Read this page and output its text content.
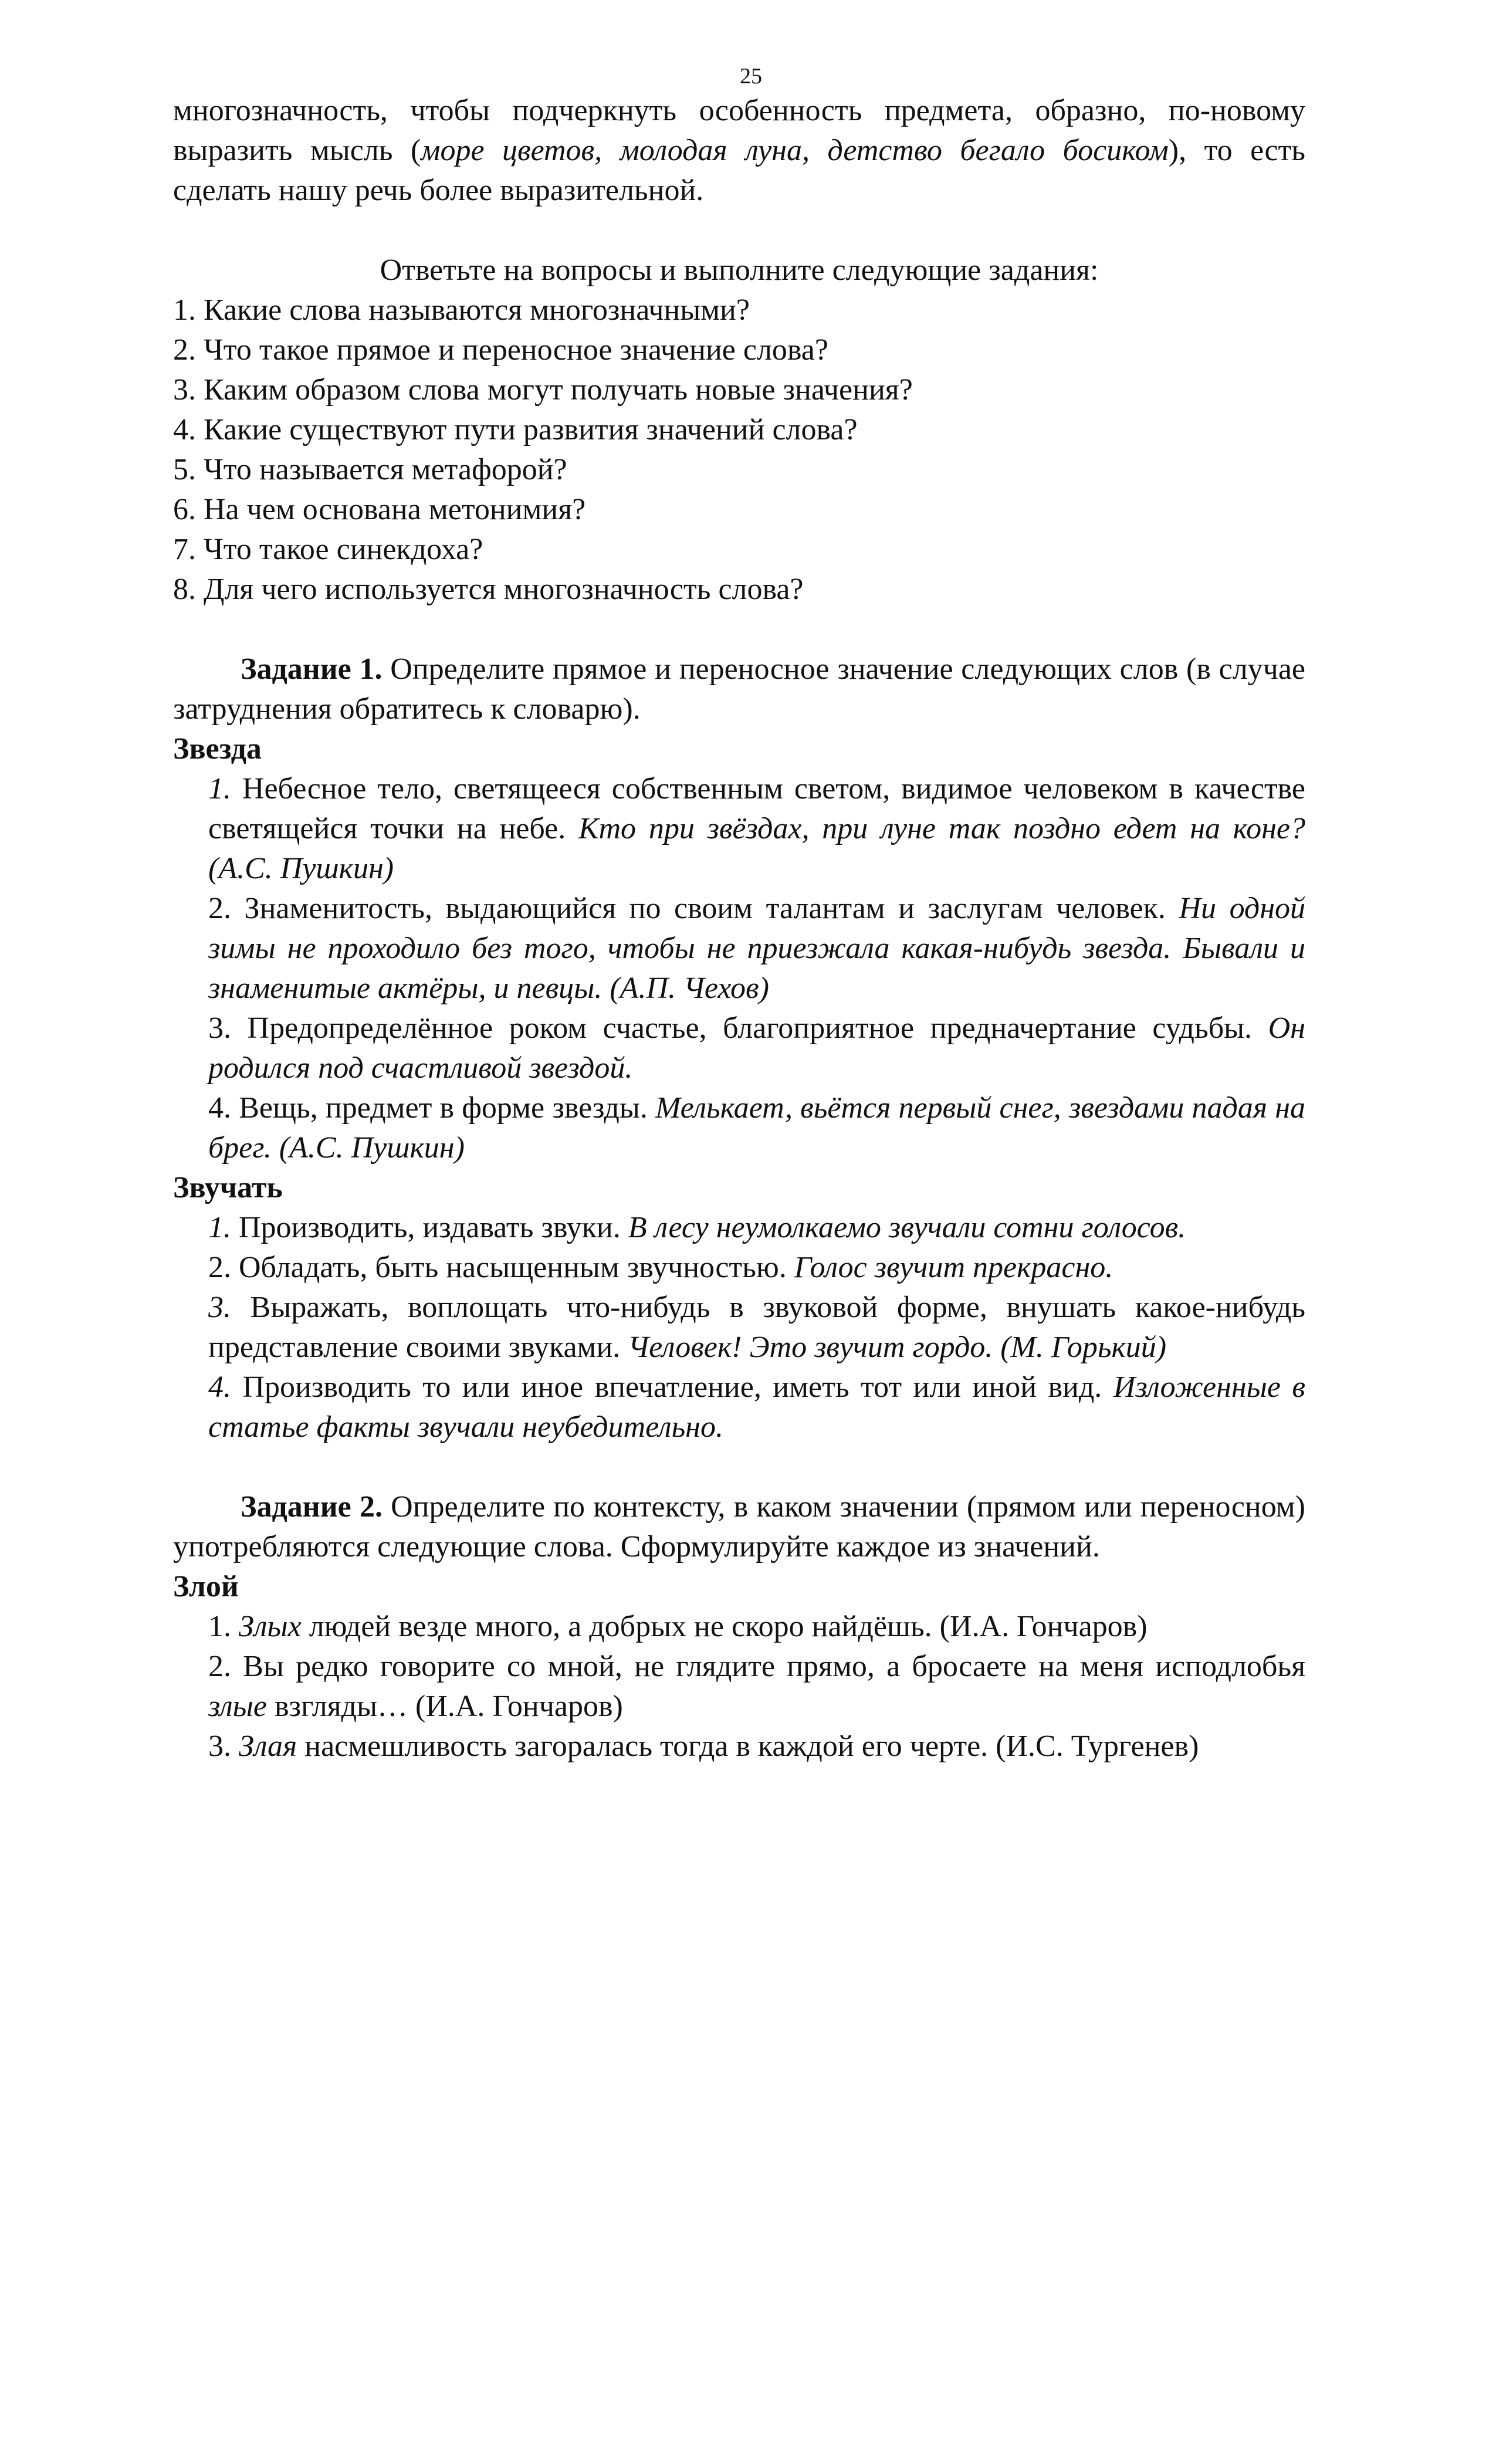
25

многозначность, чтобы подчеркнуть особенность предмета, образно, по-новому выразить мысль (море цветов, молодая луна, детство бегало босиком), то есть сделать нашу речь более выразительной.

Ответьте на вопросы и выполните следующие задания:

1. Какие слова называются многозначными?

2. Что такое прямое и переносное значение слова?

3. Каким образом слова могут получать новые значения?

4. Какие существуют пути развития значений слова?

5. Что называется метафорой?

6. На чем основана метонимия?

7. Что такое синекдоха?

8. Для чего используется многозначность слова?

Задание 1. Определите прямое и переносное значение следующих слов (в случае затруднения обратитесь к словарю).

Звезда

1. Небесное тело, светящееся собственным светом, видимое человеком в качестве светящейся точки на небе. Кто при звёздах, при луне так поздно едет на коне? (А.С. Пушкин)

2. Знаменитость, выдающийся по своим талантам и заслугам человек. Ни одной зимы не проходило без того, чтобы не приезжала какая-нибудь звезда. Бывали и знаменитые актёры, и певцы. (А.П. Чехов)

3. Предопределённое роком счастье, благоприятное предначертание судьбы. Он родился под счастливой звездой.

4. Вещь, предмет в форме звезды. Мелькает, вьётся первый снег, звездами падая на брег. (А.С. Пушкин)

Звучать

1. Производить, издавать звуки. В лесу неумолкаемо звучали сотни голосов.

2. Обладать, быть насыщенным звучностью. Голос звучит прекрасно.

3. Выражать, воплощать что-нибудь в звуковой форме, внушать какое-нибудь представление своими звуками. Человек! Это звучит гордо. (М. Горький)

4. Производить то или иное впечатление, иметь тот или иной вид. Изложенные в статье факты звучали неубедительно.

Задание 2. Определите по контексту, в каком значении (прямом или переносном) употребляются следующие слова. Сформулируйте каждое из значений.

Злой

1. Злых людей везде много, а добрых не скоро найдёшь. (И.А. Гончаров)

2. Вы редко говорите со мной, не глядите прямо, а бросаете на меня исподлобья злые взгляды… (И.А. Гончаров)

3. Злая насмешливость загоралась тогда в каждой его черте. (И.С. Тургенев)
